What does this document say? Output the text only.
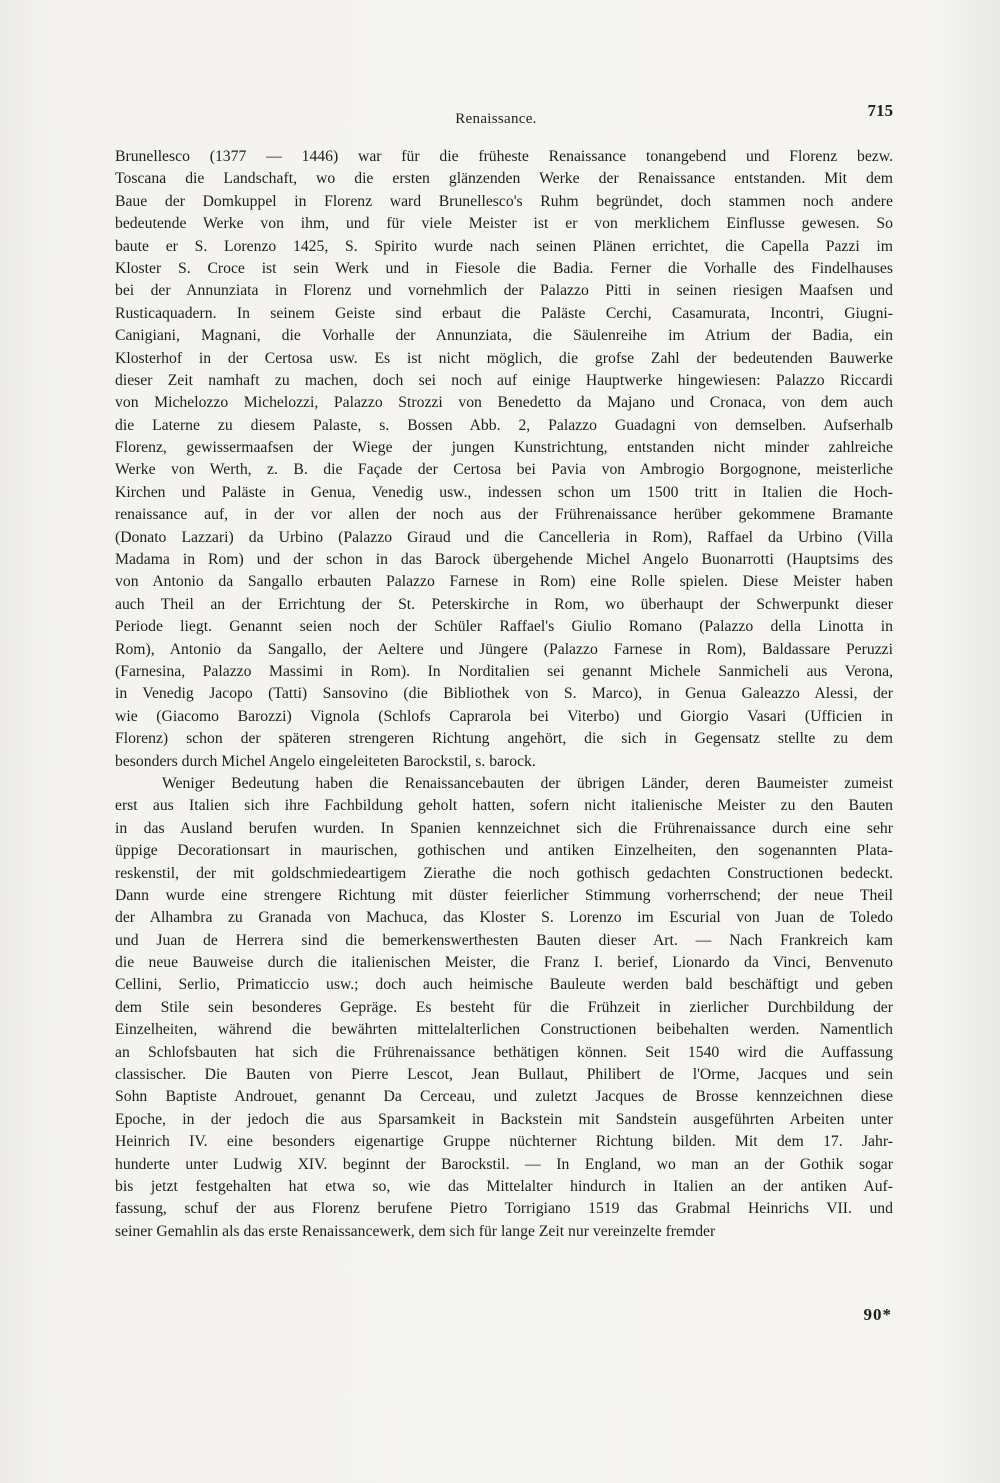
Renaissance.	715
Brunellesco (1377 — 1446) war für die früheste Renaissance tonangebend und Florenz bezw.
Toscana die Landschaft, wo die ersten glänzenden Werke der Renaissance entstanden. Mit dem
Baue der Domkuppel in Florenz ward Brunellesco's Ruhm begründet, doch stammen noch andere
bedeutende Werke von ihm, und für viele Meister ist er von merklichem Einflusse gewesen. So
baute er S. Lorenzo 1425, S. Spirito wurde nach seinen Plänen errichtet, die Capella Pazzi im
Kloster S. Croce ist sein Werk und in Fiesole die Badia. Ferner die Vorhalle des Findelhauses
bei der Annunziata in Florenz und vornehmlich der Palazzo Pitti in seinen riesigen Maafsen und
Rusticaquadern. In seinem Geiste sind erbaut die Paläste Cerchi, Casamurata, Incontri, Giugni-
Canigiani, Magnani, die Vorhalle der Annunziata, die Säulenreihe im Atrium der Badia, ein
Klosterhof in der Certosa usw. Es ist nicht möglich, die grofse Zahl der bedeutenden Bauwerke
dieser Zeit namhaft zu machen, doch sei noch auf einige Hauptwerke hingewiesen: Palazzo Riccardi
von Michelozzo Michelozzi, Palazzo Strozzi von Benedetto da Majano und Cronaca, von dem auch
die Laterne zu diesem Palaste, s. Bossen Abb. 2, Palazzo Guadagni von demselben. Aufserhalb
Florenz, gewissermaafsen der Wiege der jungen Kunstrichtung, entstanden nicht minder zahlreiche
Werke von Werth, z. B. die Façade der Certosa bei Pavia von Ambrogio Borgognone, meisterliche
Kirchen und Paläste in Genua, Venedig usw., indessen schon um 1500 tritt in Italien die Hoch-
renaissance auf, in der vor allen der noch aus der Frührenaissance herüber gekommene Bramante
(Donato Lazzari) da Urbino (Palazzo Giraud und die Cancelleria in Rom), Raffael da Urbino (Villa
Madama in Rom) und der schon in das Barock übergehende Michel Angelo Buonarrotti (Hauptsims des
von Antonio da Sangallo erbauten Palazzo Farnese in Rom) eine Rolle spielen. Diese Meister haben
auch Theil an der Errichtung der St. Peterskirche in Rom, wo überhaupt der Schwerpunkt dieser
Periode liegt. Genannt seien noch der Schüler Raffael's Giulio Romano (Palazzo della Linotta in
Rom), Antonio da Sangallo, der Aeltere und Jüngere (Palazzo Farnese in Rom), Baldassare Peruzzi
(Farnesina, Palazzo Massimi in Rom). In Norditalien sei genannt Michele Sanmicheli aus Verona,
in Venedig Jacopo (Tatti) Sansovino (die Bibliothek von S. Marco), in Genua Galeazzo Alessi, der
wie (Giacomo Barozzi) Vignola (Schlofs Caprarola bei Viterbo) und Giorgio Vasari (Ufficien in
Florenz) schon der späteren strengeren Richtung angehört, die sich in Gegensatz stellte zu dem
besonders durch Michel Angelo eingeleiteten Barockstil, s. barock.
Weniger Bedeutung haben die Renaissancebauten der übrigen Länder, deren Baumeister zumeist
erst aus Italien sich ihre Fachbildung geholt hatten, sofern nicht italienische Meister zu den Bauten
in das Ausland berufen wurden. In Spanien kennzeichnet sich die Frührenaissance durch eine sehr
üppige Decorationsart in maurischen, gothischen und antiken Einzelheiten, den sogenannten Plata-
reskenstil, der mit goldschmiedeartigem Zierathe die noch gothisch gedachten Constructionen bedeckt.
Dann wurde eine strengere Richtung mit düster feierlicher Stimmung vorherrschend; der neue Theil
der Alhambra zu Granada von Machuca, das Kloster S. Lorenzo im Escurial von Juan de Toledo
und Juan de Herrera sind die bemerkenswerthesten Bauten dieser Art. — Nach Frankreich kam
die neue Bauweise durch die italienischen Meister, die Franz I. berief, Lionardo da Vinci, Benvenuto
Cellini, Serlio, Primaticcio usw.; doch auch heimische Bauleute werden bald beschäftigt und geben
dem Stile sein besonderes Gepräge. Es besteht für die Frühzeit in zierlicher Durchbildung der
Einzelheiten, während die bewährten mittelalterlichen Constructionen beibehalten werden. Namentlich
an Schlofsbauten hat sich die Frührenaissance bethätigen können. Seit 1540 wird die Auffassung
classischer. Die Bauten von Pierre Lescot, Jean Bullaut, Philibert de l'Orme, Jacques und sein
Sohn Baptiste Androuet, genannt Da Cerceau, und zuletzt Jacques de Brosse kennzeichnen diese
Epoche, in der jedoch die aus Sparsamkeit in Backstein mit Sandstein ausgeführten Arbeiten unter
Heinrich IV. eine besonders eigenartige Gruppe nüchterner Richtung bilden. Mit dem 17. Jahr-
hunderte unter Ludwig XIV. beginnt der Barockstil. — In England, wo man an der Gothik sogar
bis jetzt festgehalten hat etwa so, wie das Mittelalter hindurch in Italien an der antiken Auf-
fassung, schuf der aus Florenz berufene Pietro Torrigiano 1519 das Grabmal Heinrichs VII. und
seiner Gemahlin als das erste Renaissancewerk, dem sich für lange Zeit nur vereinzelte fremder
90*
